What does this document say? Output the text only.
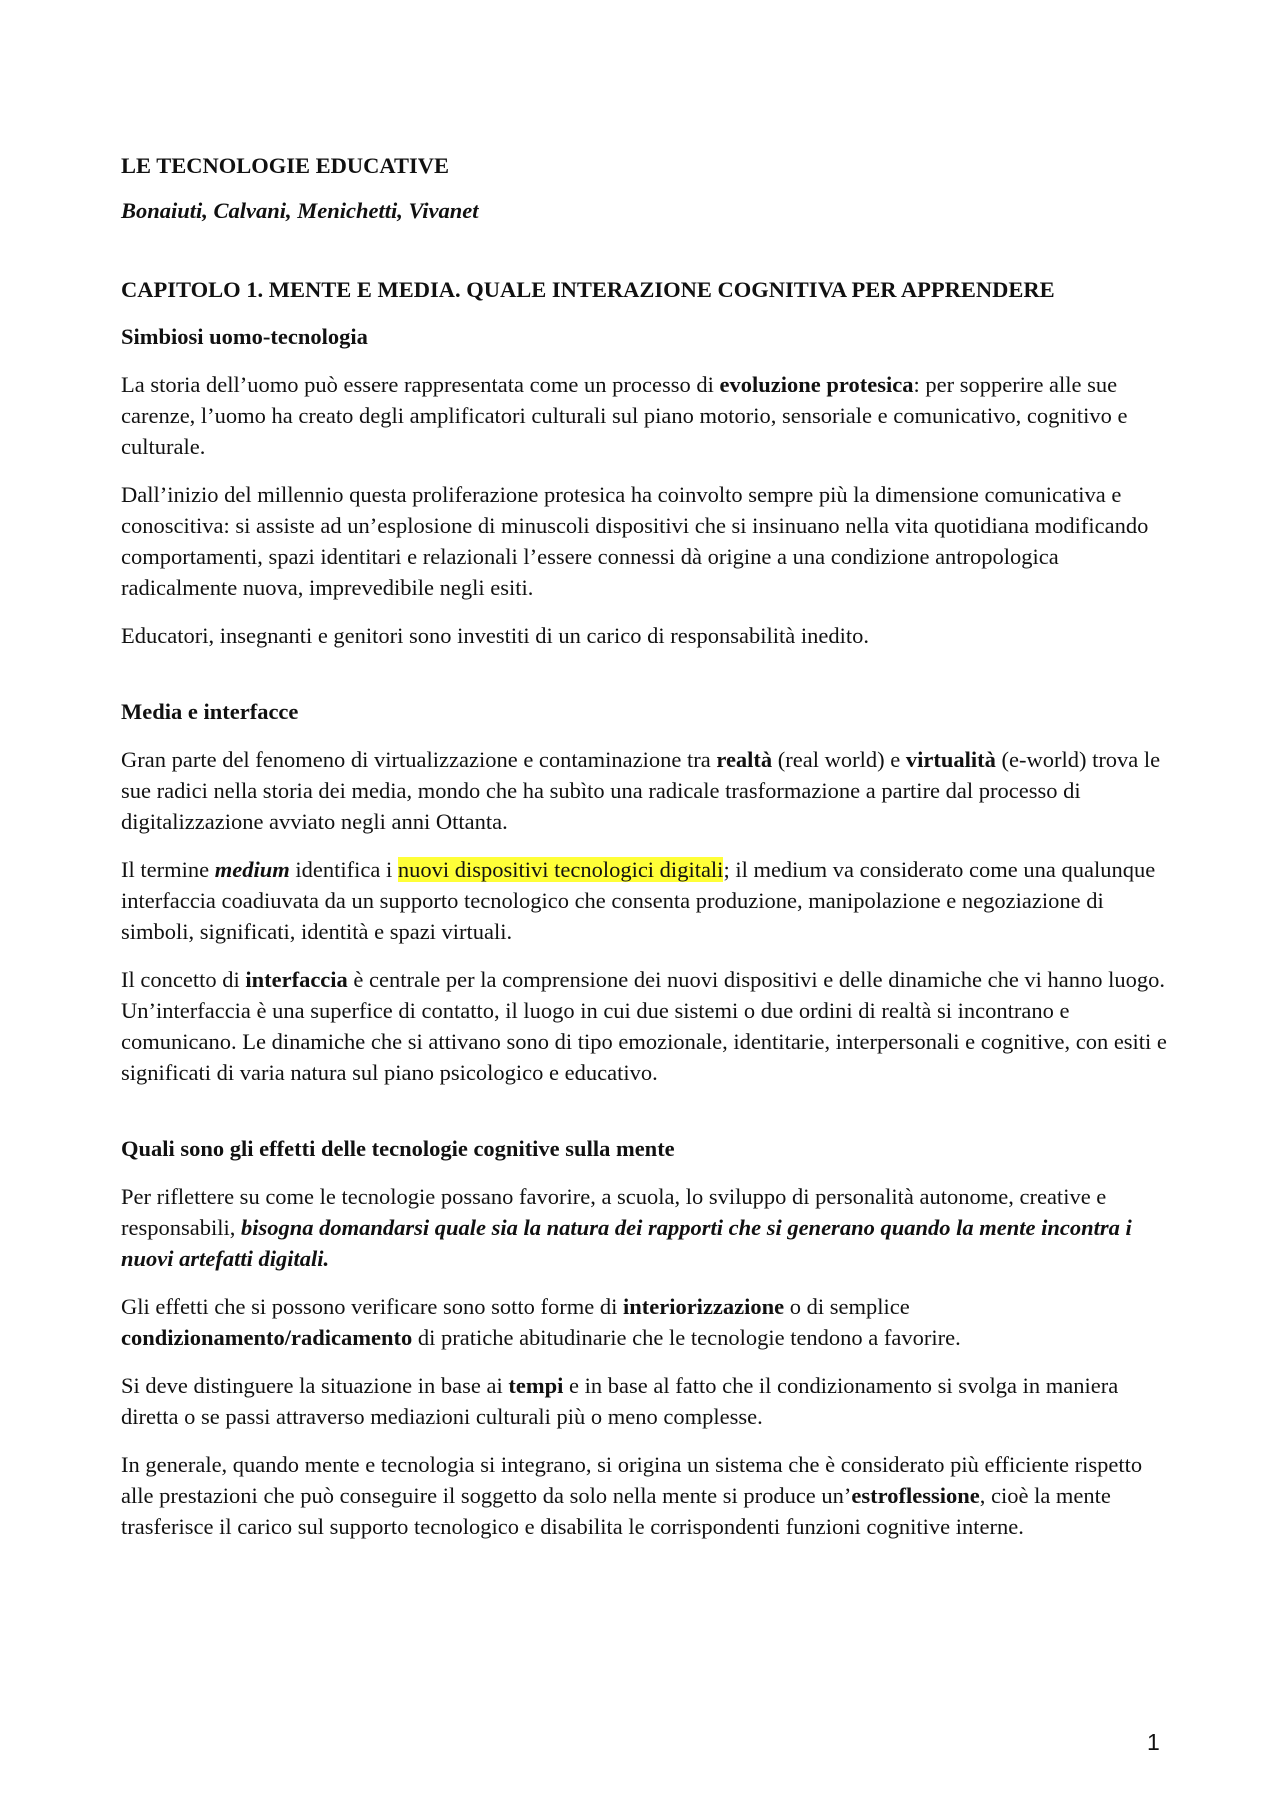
LE TECNOLOGIE EDUCATIVE

Bonaiuti, Calvani, Menichetti, Vivanet

CAPITOLO 1. MENTE E MEDIA. QUALE INTERAZIONE COGNITIVA PER APPRENDERE

Simbiosi uomo-tecnologia

La storia dell’uomo può essere rappresentata come un processo di evoluzione protesica: per sopperire alle sue carenze, l’uomo ha creato degli amplificatori culturali sul piano motorio, sensoriale e comunicativo, cognitivo e culturale.

Dall’inizio del millennio questa proliferazione protesica ha coinvolto sempre più la dimensione comunicativa e conoscitiva: si assiste ad un’esplosione di minuscoli dispositivi che si insinuano nella vita quotidiana modificando comportamenti, spazi identitari e relazionali l’essere connessi dà origine a una condizione antropologica radicalmente nuova, imprevedibile negli esiti.

Educatori, insegnanti e genitori sono investiti di un carico di responsabilità inedito.

Media e interfacce

Gran parte del fenomeno di virtualizzazione e contaminazione tra realtà (real world) e virtualità (e-world) trova le sue radici nella storia dei media, mondo che ha subìto una radicale trasformazione a partire dal processo di digitalizzazione avviato negli anni Ottanta.

Il termine medium identifica i nuovi dispositivi tecnologici digitali; il medium va considerato come una qualunque interfaccia coadiuvata da un supporto tecnologico che consenta produzione, manipolazione e negoziazione di simboli, significati, identità e spazi virtuali.

Il concetto di interfaccia è centrale per la comprensione dei nuovi dispositivi e delle dinamiche che vi hanno luogo. Un’interfaccia è una superfice di contatto, il luogo in cui due sistemi o due ordini di realtà si incontrano e comunicano. Le dinamiche che si attivano sono di tipo emozionale, identitarie, interpersonali e cognitive, con esiti e significati di varia natura sul piano psicologico e educativo.

Quali sono gli effetti delle tecnologie cognitive sulla mente

Per riflettere su come le tecnologie possano favorire, a scuola, lo sviluppo di personalità autonome, creative e responsabili, bisogna domandarsi quale sia la natura dei rapporti che si generano quando la mente incontra i nuovi artefatti digitali.

Gli effetti che si possono verificare sono sotto forme di interiorizzazione o di semplice condizionamento/radicamento di pratiche abitudinarie che le tecnologie tendono a favorire.

Si deve distinguere la situazione in base ai tempi e in base al fatto che il condizionamento si svolga in maniera diretta o se passi attraverso mediazioni culturali più o meno complesse.

In generale, quando mente e tecnologia si integrano, si origina un sistema che è considerato più efficiente rispetto alle prestazioni che può conseguire il soggetto da solo nella mente si produce un’estroflessione, cioè la mente trasferisce il carico sul supporto tecnologico e disabilita le corrispondenti funzioni cognitive interne.

1
